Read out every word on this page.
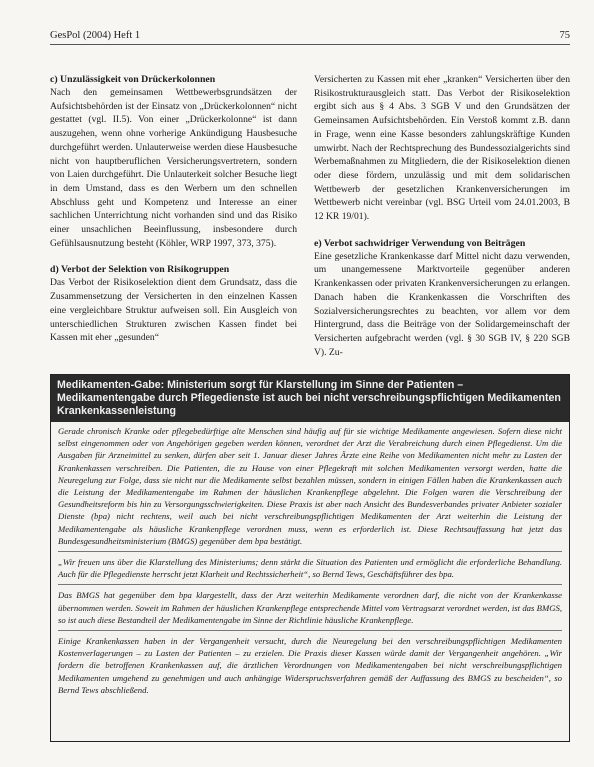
GesPol (2004) Heft 1	75

c) Unzulässigkeit von Drückerkolonnen

Nach den gemeinsamen Wettbewerbsgrundsätzen der Aufsichtsbehörden ist der Einsatz von „Drückerkolonnen“ nicht gestattet (vgl. II.5). Von einer „Drückerkolonne“ ist dann auszugehen, wenn ohne vorherige Ankündigung Hausbesuche durchgeführt werden. Unlauterweise werden diese Hausbesuche nicht von hauptberuflichen Versicherungsvertretern, sondern von Laien durchgeführt. Die Unlauterkeit solcher Besuche liegt in dem Umstand, dass es den Werbern um den schnellen Abschluss geht und Kompetenz und Interesse an einer sachlichen Unterrichtung nicht vorhanden sind und das Risiko einer unsachlichen Beeinflussung, insbesondere durch Gefühlsausnutzung besteht (Köhler, WRP 1997, 373, 375).

d) Verbot der Selektion von Risikogruppen

Das Verbot der Risikoselektion dient dem Grundsatz, dass die Zusammensetzung der Versicherten in den einzelnen Kassen eine vergleichbare Struktur aufweisen soll. Ein Ausgleich von unterschiedlichen Strukturen zwischen Kassen findet bei Kassen mit eher „gesunden“

Versicherten zu Kassen mit eher „kranken“ Versicherten über den Risikostrukturausgleich statt. Das Verbot der Risikoselektion ergibt sich aus § 4 Abs. 3 SGB V und den Grundsätzen der Gemeinsamen Aufsichtsbehörden. Ein Verstoß kommt z.B. dann in Frage, wenn eine Kasse besonders zahlungskräftige Kunden umwirbt. Nach der Rechtsprechung des Bundessozialgerichts sind Werbemaßnahmen zu Mitgliedern, die der Risikoselektion dienen oder diese fördern, unzulässig und mit dem solidarischen Wettbewerb der gesetzlichen Krankenversicherungen im Wettbewerb nicht vereinbar (vgl. BSG Urteil vom 24.01.2003, B 12 KR 19/01).

e) Verbot sachwidriger Verwendung von Beiträgen

Eine gesetzliche Krankenkasse darf Mittel nicht dazu verwenden, um unangemessene Marktvorteile gegenüber anderen Krankenkassen oder privaten Krankenversicherungen zu erlangen. Danach haben die Krankenkassen die Vorschriften des Sozialversicherungsrechtes zu beachten, vor allem vor dem Hintergrund, dass die Beiträge von der Solidargemeinschaft der Versicherten aufgebracht werden (vgl. § 30 SGB IV, § 220 SGB V). Zu-

Medikamenten-Gabe: Ministerium sorgt für Klarstellung im Sinne der Patienten – Medikamentengabe durch Pflegedienste ist auch bei nicht verschreibungspflichtigen Medikamenten Krankenkassenleistung

Gerade chronisch Kranke oder pflegebedürftige alte Menschen sind häufig auf für sie wichtige Medikamente angewiesen. Sofern diese nicht selbst eingenommen oder von Angehörigen gegeben werden können, verordnet der Arzt die Verabreichung durch einen Pflegedienst. Um die Ausgaben für Arzneimittel zu senken, dürfen aber seit 1. Januar dieser Jahres Ärzte eine Reihe von Medikamenten nicht mehr zu Lasten der Krankenkassen verschreiben. Die Patienten, die zu Hause von einer Pflegekraft mit solchen Medikamenten versorgt werden, hatte die Neuregelung zur Folge, dass sie nicht nur die Medikamente selbst bezahlen müssen, sondern in einigen Fällen haben die Krankenkassen auch die Leistung der Medikamentengabe im Rahmen der häuslichen Krankenpflege abgelehnt. Die Folgen waren die Verschreibung der Gesundheitsreform bis hin zu Versorgungsschwierigkeiten. Diese Praxis ist aber nach Ansicht des Bundesverbandes privater Anbieter sozialer Dienste (bpa) nicht rechtens, weil auch bei nicht verschreibungspflichtigen Medikamenten der Arzt weiterhin die Leistung der Medikamentengabe als häusliche Krankenpflege verordnen muss, wenn es erforderlich ist. Diese Rechtsauffassung hat jetzt das Bundesgesundheitsministerium (BMGS) gegenüber dem bpa bestätigt.

„Wir freuen uns über die Klarstellung des Ministeriums; denn stärkt die Situation des Patienten und ermöglicht die erforderliche Behandlung. Auch für die Pflegedienste herrscht jetzt Klarheit und Rechtssicherheit“, so Bernd Tews, Geschäftsführer des bpa.

Das BMGS hat gegenüber dem bpa klargestellt, dass der Arzt weiterhin Medikamente verordnen darf, die nicht von der Krankenkasse übernommen werden. Soweit im Rahmen der häuslichen Krankenpflege entsprechende Mittel vom Vertragsarzt verordnet werden, ist das BMGS, so ist auch diese Bestandteil der Medikamentengabe im Sinne der Richtlinie häusliche Krankenpflege.

Einige Krankenkassen haben in der Vergangenheit versucht, durch die Neuregelung bei den verschreibungspflichtigen Medikamenten Kostenverlagerungen – zu Lasten der Patienten – zu erzielen. Die Praxis dieser Kassen würde damit der Vergangenheit angehören. „Wir fordern die betroffenen Krankenkassen auf, die ärztlichen Verordnungen von Medikamentengaben bei nicht verschreibungspflichtigen Medikamenten umgehend zu genehmigen und auch anhängige Widerspruchsverfahren gemäß der Auffassung des BMGS zu bescheiden“, so Bernd Tews abschließend.
